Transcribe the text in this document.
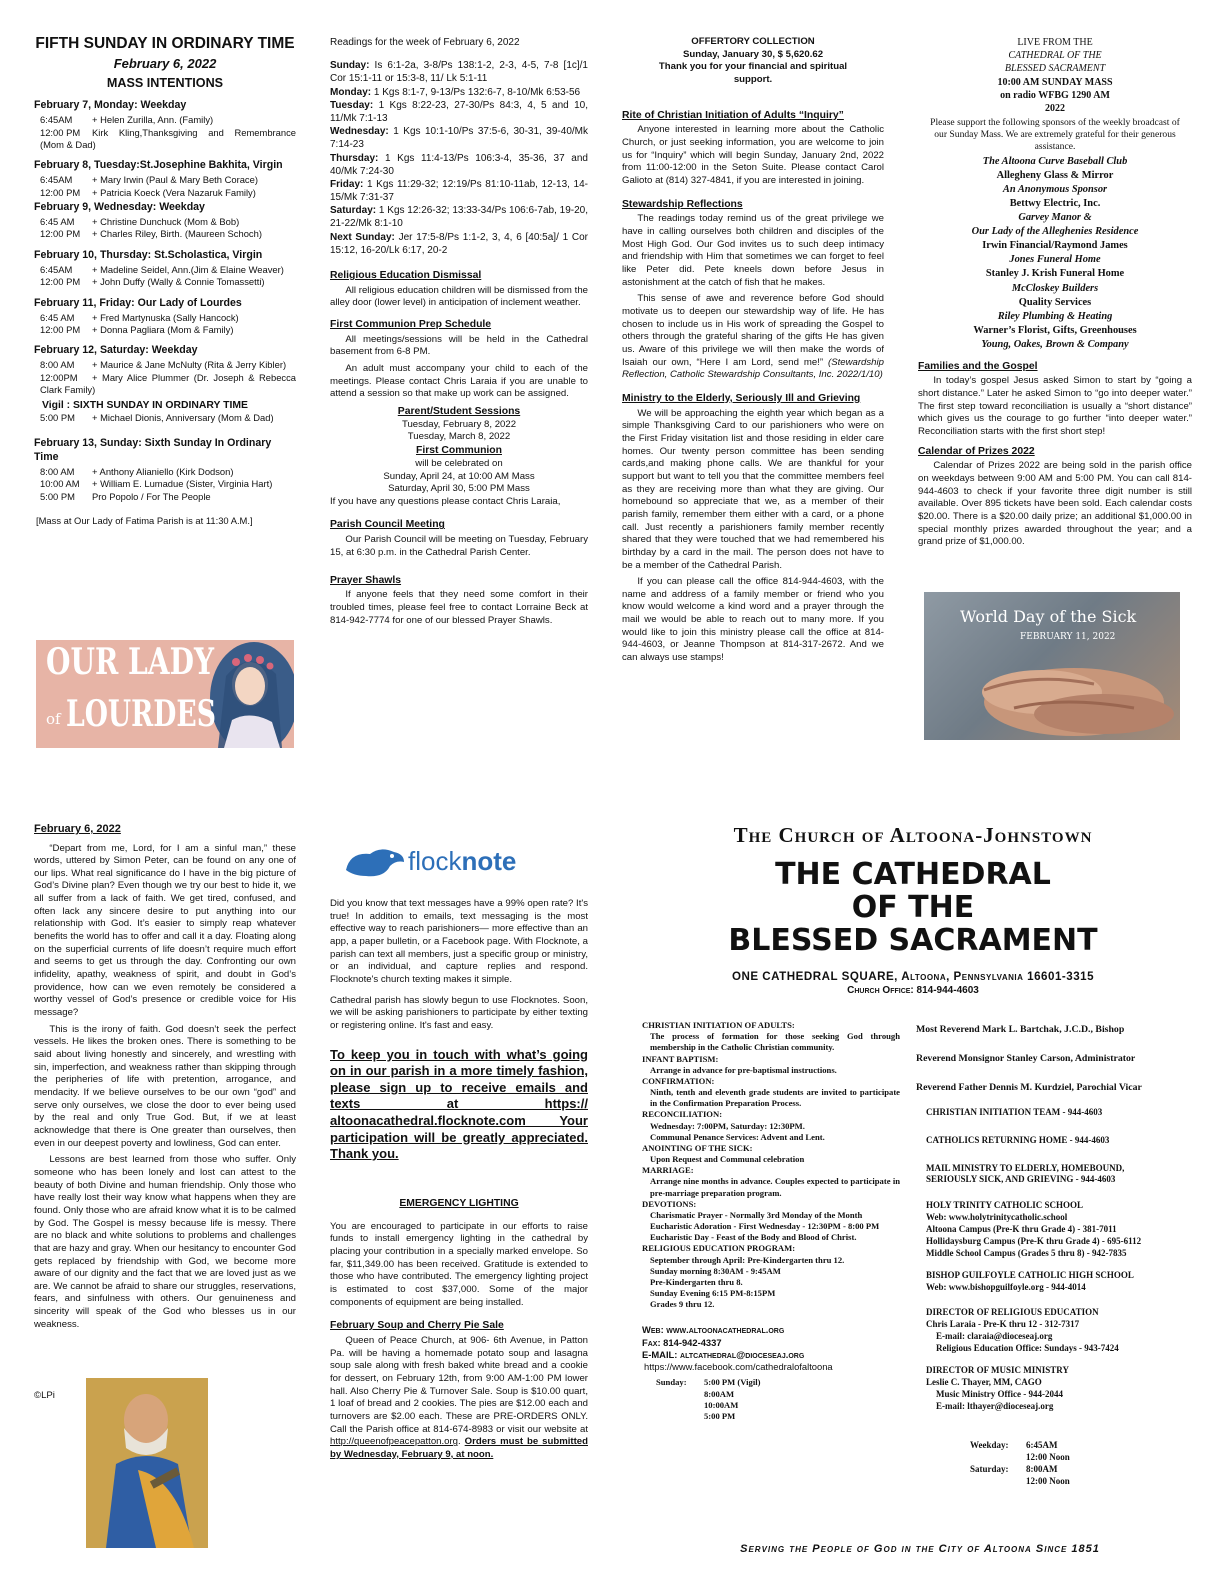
FIFTH SUNDAY IN ORDINARY TIME
February 6, 2022
MASS INTENTIONS
February 7, Monday: Weekday

6:45AM + Helen Zurilla, Ann. (Family)

12:00 PM Kirk Kling,Thanksgiving and Remembrance (Mom & Dad)

February 8, Tuesday:St.Josephine Bakhita, Virgin

6:45AM + Mary Irwin (Paul & Mary Beth Corace)

12:00 PM + Patricia Koeck (Vera Nazaruk Family)

February 9, Wednesday: Weekday

6:45 AM + Christine Dunchuck (Mom & Bob)

12:00 PM + Charles Riley, Birth. (Maureen Schoch)

February 10, Thursday: St.Scholastica, Virgin

6:45AM + Madeline Seidel, Ann.(Jim & Elaine Weaver)

12:00 PM + John Duffy (Wally & Connie Tomassetti)

February 11, Friday: Our Lady of Lourdes

6:45 AM + Fred Martynuska (Sally Hancock)

12:00 PM + Donna Pagliara (Mom & Family)

February 12, Saturday: Weekday

8:00 AM + Maurice & Jane McNulty (Rita & Jerry Kibler)

12:00PM + Mary Alice Plummer (Dr. Joseph & Rebecca Clark Family)

Vigil : SIXTH SUNDAY IN ORDINARY TIME

5:00 PM + Michael Dionis, Anniversary (Mom & Dad)

February 13, Sunday: Sixth Sunday In Ordinary Time

8:00 AM + Anthony Alianiello (Kirk Dodson)

10:00 AM + William E. Lumadue (Sister, Virginia Hart)

5:00 PM Pro Popolo / For The People

[Mass at Our Lady of Fatima Parish is at 11:30 A.M.]

OUR LADY
of LOURDES

Readings for the week of February 6, 2022

Sunday: Is 6:1-2a, 3-8/Ps 138:1-2, 2-3, 4-5, 7-8 [1c]/1 Cor 15:1-11 or 15:3-8, 11/ Lk 5:1-11

Monday: 1 Kgs 8:1-7, 9-13/Ps 132:6-7, 8-10/Mk 6:53-56

Tuesday: 1 Kgs 8:22-23, 27-30/Ps 84:3, 4, 5 and 10, 11/Mk 7:1-13

Wednesday: 1 Kgs 10:1-10/Ps 37:5-6, 30-31, 39-40/Mk 7:14-23

Thursday: 1 Kgs 11:4-13/Ps 106:3-4, 35-36, 37 and 40/Mk 7:24-30

Friday: 1 Kgs 11:29-32; 12:19/Ps 81:10-11ab, 12-13, 14-15/Mk 7:31-37

Saturday: 1 Kgs 12:26-32; 13:33-34/Ps 106:6-7ab, 19-20, 21-22/Mk 8:1-10

Next Sunday: Jer 17:5-8/Ps 1:1-2, 3, 4, 6 [40:5a]/ 1 Cor 15:12, 16-20/Lk 6:17, 20-2

Religious Education Dismissal

All religious education children will be dismissed from the alley door (lower level) in anticipation of inclement weather.

First Communion Prep Schedule

All meetings/sessions will be held in the Cathedral basement from 6-8 PM.

An adult must accompany your child to each of the meetings. Please contact Chris Laraia if you are unable to attend a session so that make up work can be assigned.

Parent/Student Sessions
Tuesday, February 8, 2022
Tuesday, March 8, 2022
First Communion
will be celebrated on
Sunday, April 24, at 10:00 AM Mass
Saturday, April 30, 5:00 PM Mass

If you have any questions please contact Chris Laraia,

Parish Council Meeting

Our Parish Council will be meeting on Tuesday, February 15, at 6:30 p.m. in the Cathedral Parish Center.

Prayer Shawls

If anyone feels that they need some comfort in their troubled times, please feel free to contact Lorraine Beck at 814-942-7774 for one of our blessed Prayer Shawls.

OFFERTORY COLLECTION
Sunday, January 30, $ 5,620.62
Thank you for your financial and spiritual support.
Rite of Christian Initiation of Adults “Inquiry”

Anyone interested in learning more about the Catholic Church, or just seeking information, you are welcome to join us for “Inquiry” which will begin Sunday, January 2nd, 2022 from 11:00-12:00 in the Seton Suite. Please contact Carol Galioto at (814) 327-4841, if you are interested in joining.

Stewardship Reflections

The readings today remind us of the great privilege we have in calling ourselves both children and disciples of the Most High God. Our God invites us to such deep intimacy and friendship with Him that sometimes we can forget to feel like Peter did. Pete kneels down before Jesus in astonishment at the catch of fish that he makes.

This sense of awe and reverence before God should motivate us to deepen our stewardship way of life. He has chosen to include us in His work of spreading the Gospel to others through the grateful sharing of the gifts He has given us. Aware of this privilege we will then make the words of Isaiah our own, “Here I am Lord, send me!” (Stewardship Reflection, Catholic Stewardship Consultants, Inc. 2022/1/10)

Ministry to the Elderly, Seriously Ill and Grieving

We will be approaching the eighth year which began as a simple Thanksgiving Card to our parishioners who were on the First Friday visitation list and those residing in elder care homes. Our twenty person committee has been sending cards,and making phone calls. We are thankful for your support but want to tell you that the committee members feel as they are receiving more than what they are giving. Our homebound so appreciate that we, as a member of their parish family, remember them either with a card, or a phone call. Just recently a parishioners family member recently shared that they were touched that we had remembered his birthday by a card in the mail. The person does not have to be a member of the Cathedral Parish.

If you can please call the office 814-944-4603, with the name and address of a family member or friend who you know would welcome a kind word and a prayer through the mail we would be able to reach out to many more. If you would like to join this ministry please call the office at 814-944-4603, or Jeanne Thompson at 814-317-2672. And we can always use stamps!

LIVE FROM THE
CATHEDRAL OF THE
BLESSED SACRAMENT
10:00 AM SUNDAY MASS
on radio WFBG 1290 AM
2022
Please support the following sponsors of the weekly broadcast of our Sunday Mass. We are extremely grateful for their generous assistance.

The Altoona Curve Baseball Club

Allegheny Glass & Mirror

An Anonymous Sponsor

Bettwy Electric, Inc.

Garvey Manor &

Our Lady of the Alleghenies Residence

Irwin Financial/Raymond James

Jones Funeral Home

Stanley J. Krish Funeral Home

McCloskey Builders

Quality Services

Riley Plumbing & Heating

Warner’s Florist, Gifts, Greenhouses

Young, Oakes, Brown & Company

Families and the Gospel

In today’s gospel Jesus asked Simon to start by “going a short distance.” Later he asked Simon to “go into deeper water.” The first step toward reconciliation is usually a “short distance” which gives us the courage to go further “into deeper water.” Reconciliation starts with the first short step!

Calendar of Prizes 2022

Calendar of Prizes 2022 are being sold in the parish office on weekdays between 9:00 AM and 5:00 PM. You can call 814-944-4603 to check if your favorite three digit number is still available. Over 895 tickets have been sold. Each calendar costs $20.00. There is a $20.00 daily prize; an additional $1,000.00 in special monthly prizes awarded throughout the year; and a grand prize of $1,000.00.

World Day of the Sick
FEBRUARY 11, 2022
February 6, 2022

“Depart from me, Lord, for I am a sinful man,” these words, uttered by Simon Peter, can be found on any one of our lips. What real significance do I have in the big picture of God’s Divine plan? Even though we try our best to hide it, we all suffer from a lack of faith. We get tired, confused, and often lack any sincere desire to put anything into our relationship with God. It’s easier to simply reap whatever benefits the world has to offer and call it a day. Floating along on the superficial currents of life doesn’t require much effort and seems to get us through the day. Confronting our own infidelity, apathy, weakness of spirit, and doubt in God’s providence, how can we even remotely be considered a worthy vessel of God’s presence or credible voice for His message?

This is the irony of faith. God doesn’t seek the perfect vessels. He likes the broken ones. There is something to be said about living honestly and sincerely, and wrestling with sin, imperfection, and weakness rather than skipping through the peripheries of life with pretention, arrogance, and mendacity. If we believe ourselves to be our own “god” and serve only ourselves, we close the door to ever being used by the real and only True God. But, if we at least acknowledge that there is One greater than ourselves, then even in our deepest poverty and lowliness, God can enter.

Lessons are best learned from those who suffer. Only someone who has been lonely and lost can attest to the beauty of both Divine and human friendship. Only those who have really lost their way know what happens when they are found. Only those who are afraid know what it is to be calmed by God. The Gospel is messy because life is messy. There are no black and white solutions to problems and challenges that are hazy and gray. When our hesitancy to encounter God gets replaced by friendship with God, we become more aware of our dignity and the fact that we are loved just as we are. We cannot be afraid to share our struggles, reservations, fears, and sinfulness with others. Our genuineness and sincerity will speak of the God who blesses us in our weakness.

©LPi
flocknote

Did you know that text messages have a 99% open rate? It's true! In addition to emails, text messaging is the most effective way to reach parishioners— more effective than an app, a paper bulletin, or a Facebook page. With Flocknote, a parish can text all members, just a specific group or ministry, or an individual, and capture replies and respond. Flocknote's church texting makes it simple.

Cathedral parish has slowly begun to use Flocknotes. Soon, we will be asking parishioners to participate by either texting or registering online. It's fast and easy.

To keep you in touch with what’s going on in our parish in a more timely fashion, please sign up to receive emails and texts at https:// altoonacathedral.flocknote.com Your participation will be greatly appreciated. Thank you.

EMERGENCY LIGHTING

You are encouraged to participate in our efforts to raise funds to install emergency lighting in the cathedral by placing your contribution in a specially marked envelope. So far, $11,349.00 has been received. Gratitude is extended to those who have contributed. The emergency lighting project is estimated to cost $37,000. Some of the major components of equipment are being installed.

February Soup and Cherry Pie Sale

Queen of Peace Church, at 906- 6th Avenue, in Patton Pa. will be having a homemade potato soup and lasagna soup sale along with fresh baked white bread and a cookie for dessert, on February 12th, from 9:00 AM-1:00 PM lower hall. Also Cherry Pie & Turnover Sale. Soup is $10.00 quart, 1 loaf of bread and 2 cookies. The pies are $12.00 each and turnovers are $2.00 each. These are PRE-ORDERS ONLY. Call the Parish office at 814-674-8983 or visit our website at http://queenofpeacepatton.org. Orders must be submitted by Wednesday, February 9, at noon.

The Church of Altoona-Johnstown
THE CATHEDRAL
OF THE
BLESSED SACRAMENT
ONE CATHEDRAL SQUARE, Altoona, Pennsylvania 16601-3315
Church Office: 814-944-4603

CHRISTIAN INITIATION OF ADULTS:

The process of formation for those seeking God through membership in the Catholic Christian community.

INFANT BAPTISM:

Arrange in advance for pre-baptismal instructions.

CONFIRMATION:

Ninth, tenth and eleventh grade students are invited to participate in the Confirmation Preparation Process.

RECONCILIATION:

Wednesday: 7:00PM, Saturday: 12:30PM.

Communal Penance Services: Advent and Lent.

ANOINTING OF THE SICK:

Upon Request and Communal celebration

MARRIAGE:

Arrange nine months in advance. Couples expected to participate in pre-marriage preparation program.

DEVOTIONS:

Charismatic Prayer - Normally 3rd Monday of the Month

Eucharistic Adoration - First Wednesday - 12:30PM - 8:00 PM

Eucharistic Day - Feast of the Body and Blood of Christ.

RELIGIOUS EDUCATION PROGRAM:

September through April: Pre-Kindergarten thru 12.

Sunday morning 8:30AM - 9:45AM

Pre-Kindergarten thru 8.

Sunday Evening 6:15 PM-8:15PM

Grades 9 thru 12.

Web: www.altoonacathedral.org
Fax: 814-942-4337
E-MAIL: altcathedral@dioceseaj.org
https://www.facebook.com/cathedralofaltoona
Sunday: 5:00 PM (Vigil)
8:00AM
10:00AM
5:00 PM

Most Reverend Mark L. Bartchak, J.C.D., Bishop

Reverend Monsignor Stanley Carson, Administrator

Reverend Father Dennis M. Kurdziel, Parochial Vicar

CHRISTIAN INITIATION TEAM - 944-4603

CATHOLICS RETURNING HOME - 944-4603

MAIL MINISTRY TO ELDERLY, HOMEBOUND,

SERIOUSLY SICK, AND GRIEVING - 944-4603

HOLY TRINITY CATHOLIC SCHOOL

Web: www.holytrinitycatholic.school

Altoona Campus (Pre-K thru Grade 4) - 381-7011

Hollidaysburg Campus (Pre-K thru Grade 4) - 695-6112

Middle School Campus (Grades 5 thru 8) - 942-7835

BISHOP GUILFOYLE CATHOLIC HIGH SCHOOL

Web: www.bishopguilfoyle.org - 944-4014

DIRECTOR OF RELIGIOUS EDUCATION

Chris Laraia - Pre-K thru 12 - 312-7317

E-mail: claraia@dioceseaj.org

Religious Education Office: Sundays - 943-7424

DIRECTOR OF MUSIC MINISTRY

Leslie C. Thayer, MM, CAGO

Music Ministry Office - 944-2044

E-mail: lthayer@dioceseaj.org

Weekday: 6:45AM
12:00 Noon
Saturday: 8:00AM
12:00 Noon
Serving the People of God in the City of Altoona Since 1851
